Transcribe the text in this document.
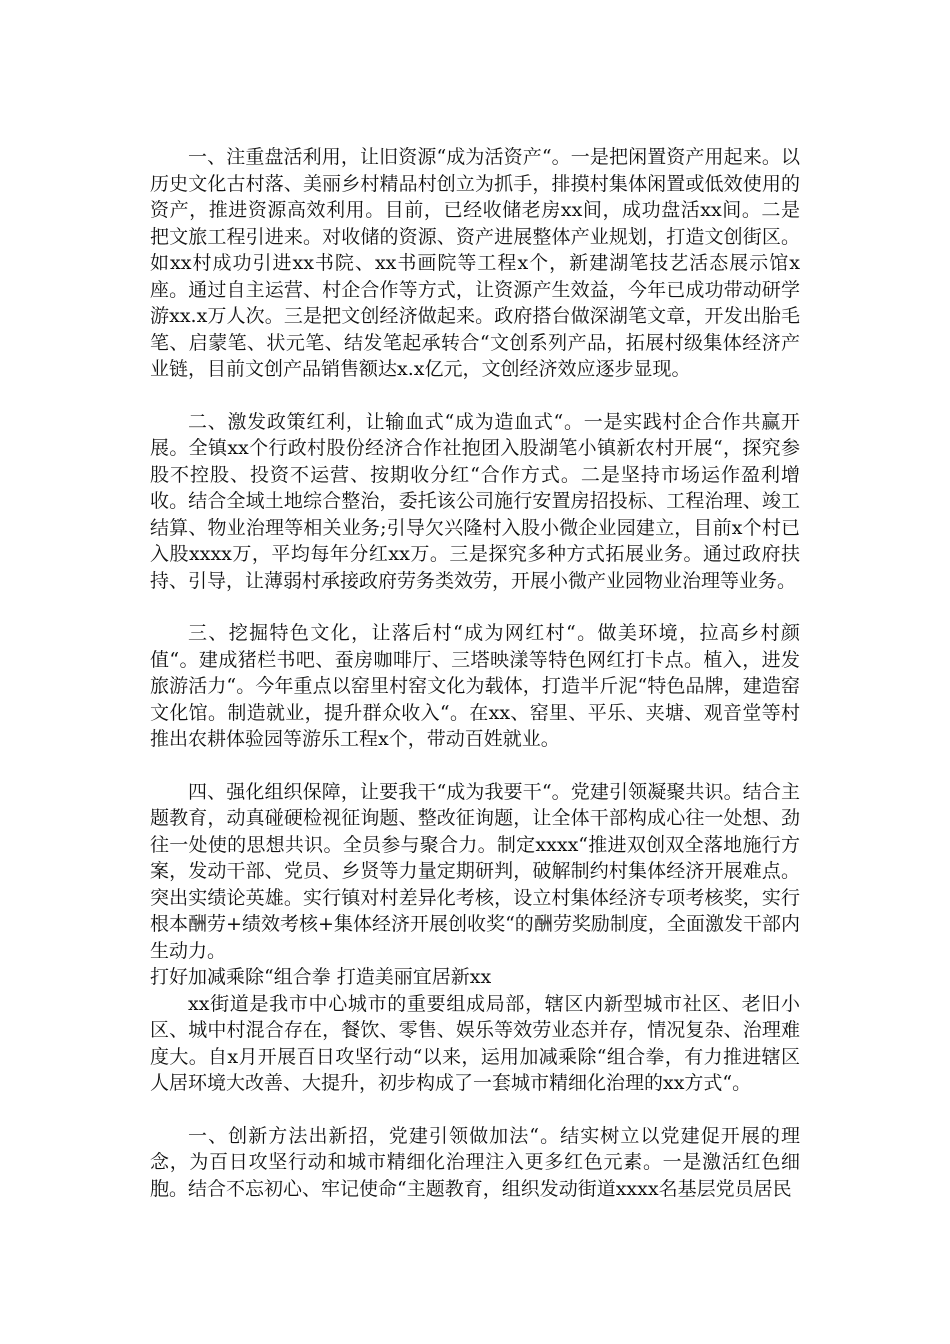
一、注重盘活利用，让旧资源“成为活资产“。一是把闲置资产用起来。以历史文化古村落、美丽乡村精品村创立为抓手，排摸村集体闲置或低效使用的资产，推进资源高效利用。目前，已经收储老房xx间，成功盘活xx间。二是把文旅工程引进来。对收储的资源、资产进展整体产业规划，打造文创街区。如xx村成功引进xx书院、xx书画院等工程x个，新建湖笔技艺活态展示馆x座。通过自主运营、村企合作等方式，让资源产生效益，今年已成功带动研学游xx.x万人次。三是把文创经济做起来。政府搭台做深湖笔文章，开发出胎毛笔、启蒙笔、状元笔、结发笔起承转合“文创系列产品，拓展村级集体经济产业链，目前文创产品销售额达x.x亿元，文创经济效应逐步显现。

二、激发政策红利，让输血式“成为造血式“。一是实践村企合作共赢开展。全镇xx个行政村股份经济合作社抱团入股湖笔小镇新农村开展“，探究参股不控股、投资不运营、按期收分红“合作方式。二是坚持市场运作盈利增收。结合全域土地综合整治，委托该公司施行安置房招投标、工程治理、竣工结算、物业治理等相关业务;引导欠兴隆村入股小微企业园建立，目前x个村已入股xxxx万，平均每年分红xx万。三是探究多种方式拓展业务。通过政府扶持、引导，让薄弱村承接政府劳务类效劳，开展小微产业园物业治理等业务。

三、挖掘特色文化，让落后村“成为网红村“。做美环境，拉高乡村颜值“。建成猪栏书吧、蚕房咖啡厅、三塔映漾等特色网红打卡点。植入，进发旅游活力“。今年重点以窑里村窑文化为载体，打造半斤泥“特色品牌，建造窑文化馆。制造就业，提升群众收入“。在xx、窑里、平乐、夹塘、观音堂等村推出农耕体验园等游乐工程x个，带动百姓就业。

四、强化组织保障，让要我干“成为我要干“。党建引领凝聚共识。结合主题教育，动真碰硬检视征询题、整改征询题，让全体干部构成心往一处想、劲往一处使的思想共识。全员参与聚合力。制定xxxx“推进双创双全落地施行方案，发动干部、党员、乡贤等力量定期研判，破解制约村集体经济开展难点。突出实绩论英雄。实行镇对村差异化考核，设立村集体经济专项考核奖，实行根本酬劳+绩效考核+集体经济开展创收奖“的酬劳奖励制度，全面激发干部内生动力。

打好加减乘除“组合拳 打造美丽宜居新xx

xx街道是我市中心城市的重要组成局部，辖区内新型城市社区、老旧小区、城中村混合存在，餐饮、零售、娱乐等效劳业态并存，情况复杂、治理难度大。自x月开展百日攻坚行动“以来，运用加减乘除“组合拳，有力推进辖区人居环境大改善、大提升，初步构成了一套城市精细化治理的xx方式“。

一、创新方法出新招，党建引领做加法“。结实树立以党建促开展的理念，为百日攻坚行动和城市精细化治理注入更多红色元素。一是激活红色细胞。结合不忘初心、牢记使命“主题教育，组织发动街道xxxx名基层党员居民
